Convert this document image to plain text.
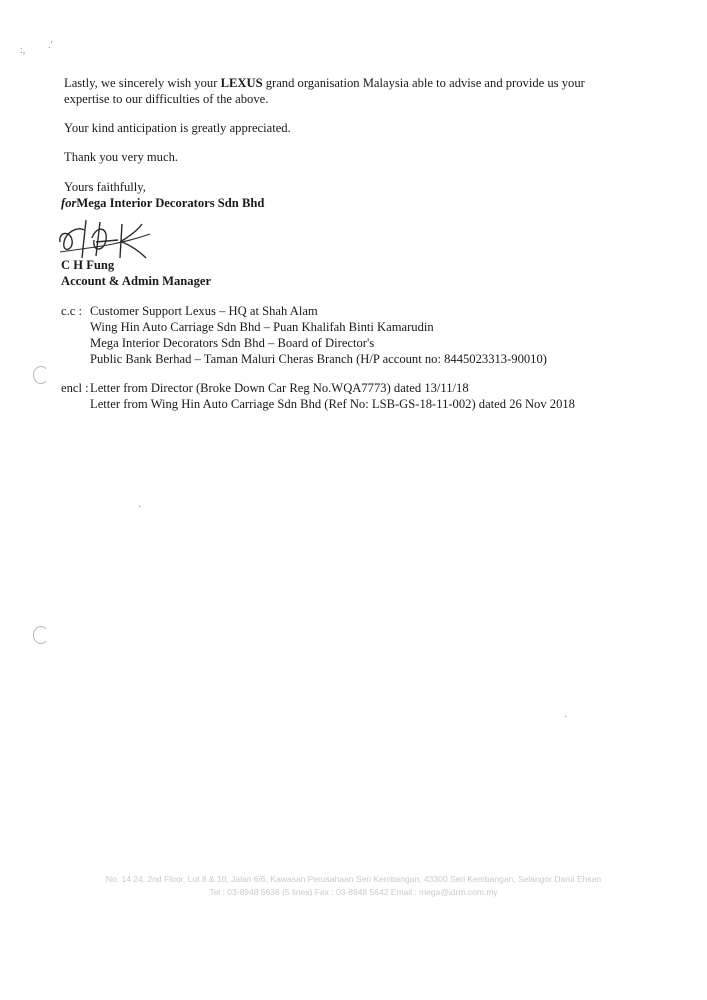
:, .'
Lastly, we sincerely wish your LEXUS grand organisation Malaysia able to advise and provide us your
expertise to our difficulties of the above.
Your kind anticipation is greatly appreciated.
Thank you very much.
Yours faithfully,
forMega Interior Decorators Sdn Bhd
C H Fung
Account & Admin Manager
c.c : Customer Support Lexus – HQ at Shah Alam
Wing Hin Auto Carriage Sdn Bhd – Puan Khalifah Binti Kamarudin
Mega Interior Decorators Sdn Bhd – Board of Director's
Public Bank Berhad – Taman Maluri Cheras Branch (H/P account no: 8445023313-90010)
encl : Letter from Director (Broke Down Car Reg No.WQA7773) dated 13/11/18
Letter from Wing Hin Auto Carriage Sdn Bhd (Ref No: LSB-GS-18-11-002) dated 26 Nov 2018
·
·
No. 14 24, 2nd Floor, Lot 8 & 10, Jalan 6/6, Kawasan Perusahaan Seri Kembangan, 43300 Seri Kembangan, Selangor Darul Ehsan
Tel : 03-8948 5638 (5 lines) Fax : 03-8948 5642 Email : mega@idrm.com.my
